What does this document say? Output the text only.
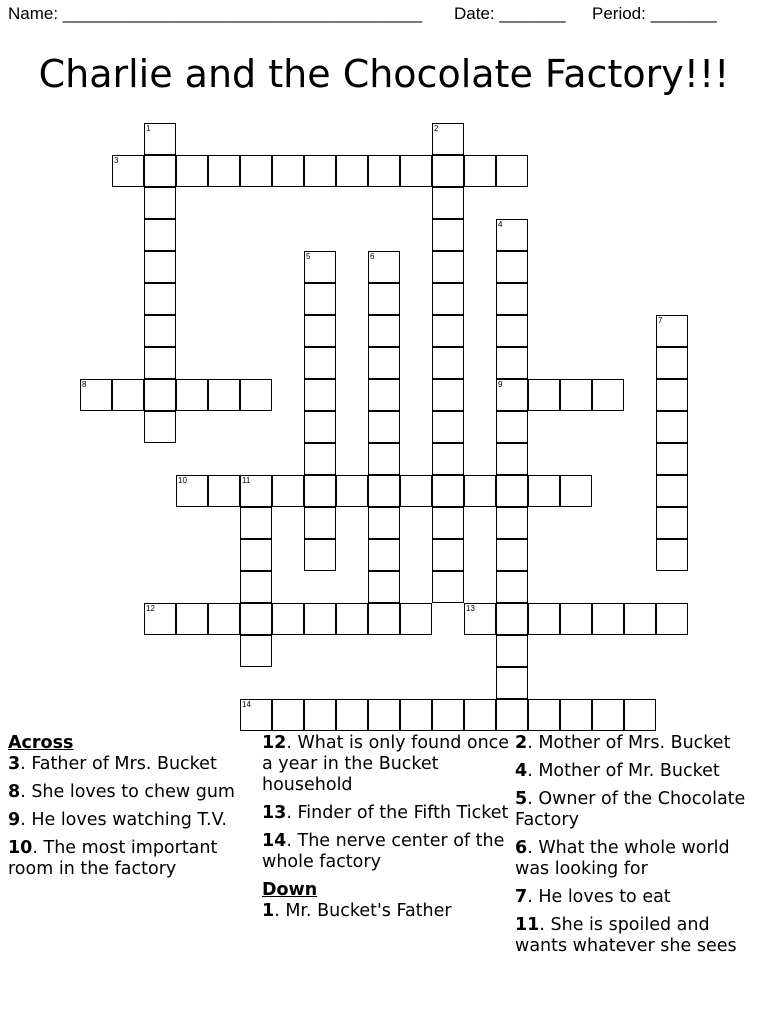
Name: ______________________________________ Date: _______ Period: _______
Charlie and the Chocolate Factory!!!
1	2
3
4
9
5	6
7
8
10	11
12	13
14
Across
3. Father of Mrs. Bucket
8. She loves to chew gum
9. He loves watching T.V.
10. The most important room in the factory
12. What is only found once a year in the Bucket household
13. Finder of the Fifth Ticket
14. The nerve center of the whole factory
Down
1. Mr. Bucket's Father
2. Mother of Mrs. Bucket
4. Mother of Mr. Bucket
5. Owner of the Chocolate Factory
6. What the whole world was looking for
7. He loves to eat
11. She is spoiled and wants whatever she sees
